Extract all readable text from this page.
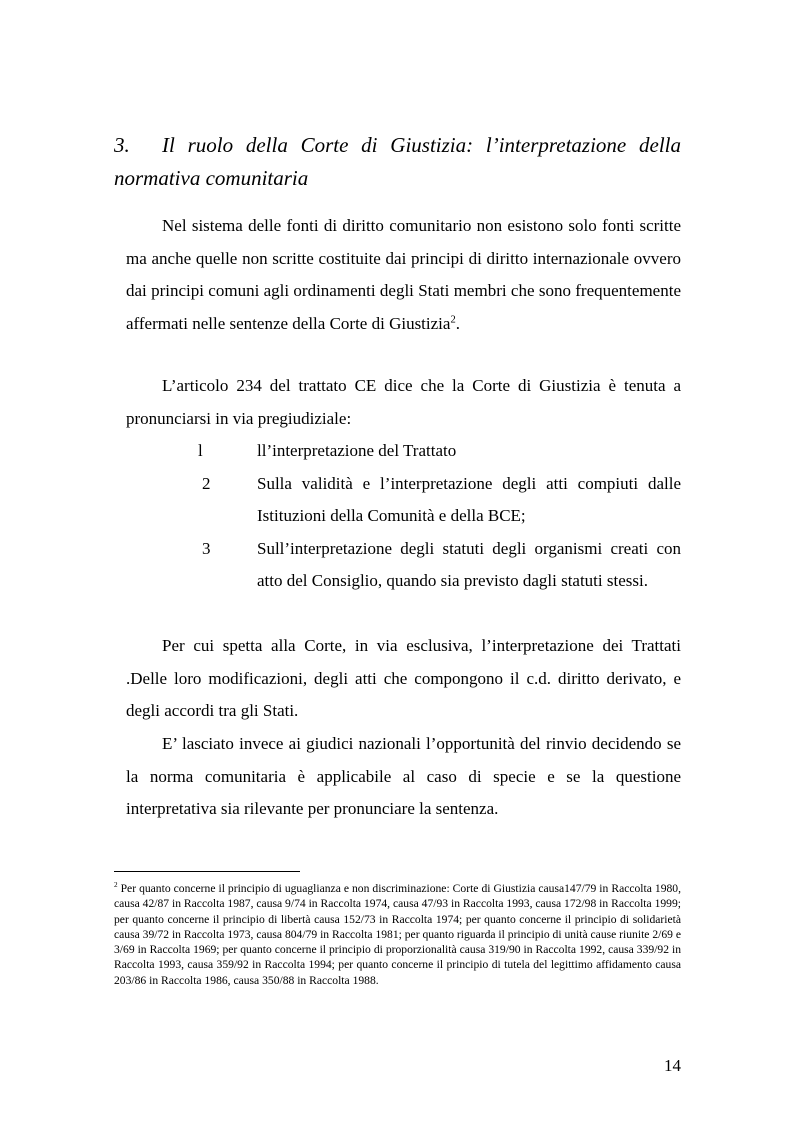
3. Il ruolo della Corte di Giustizia: l’interpretazione della
normativa comunitaria

Nel sistema delle fonti di diritto comunitario non esistono solo fonti scritte ma anche quelle non scritte costituite dai principi di diritto internazionale ovvero dai principi comuni agli ordinamenti degli Stati membri che sono frequentemente affermati nelle sentenze della Corte di Giustizia$^2$.

L’articolo 234 del trattato CE dice che la Corte di Giustizia è tenuta a pronunciarsi in via pregiudiziale:

l	ll’interpretazione del Trattato
2	Sulla validità e l’interpretazione degli atti compiuti dalle Istituzioni della Comunità e della BCE;
3	Sull’interpretazione degli statuti degli organismi creati con atto del Consiglio, quando sia previsto dagli statuti stessi.

Per cui spetta alla Corte, in via esclusiva, l’interpretazione dei Trattati .Delle loro modificazioni, degli atti che compongono il c.d. diritto derivato, e degli accordi tra gli Stati.

E’ lasciato invece ai giudici nazionali l’opportunità del rinvio decidendo se la norma comunitaria è applicabile al caso di specie e se la questione interpretativa sia rilevante per pronunciare la sentenza.

$^2$ Per quanto concerne il principio di uguaglianza e non discriminazione: Corte di Giustizia causa147/79 in Raccolta 1980, causa 42/87 in Raccolta 1987, causa 9/74 in Raccolta 1974, causa 47/93 in Raccolta 1993, causa 172/98 in Raccolta 1999; per quanto concerne il principio di libertà causa 152/73 in Raccolta 1974; per quanto concerne il principio di solidarietà causa 39/72 in Raccolta 1973, causa 804/79 in Raccolta 1981; per quanto riguarda il principio di unità cause riunite 2/69 e 3/69 in Raccolta 1969; per quanto concerne il principio di proporzionalità causa 319/90 in Raccolta 1992, causa 339/92 in Raccolta 1993, causa 359/92 in Raccolta 1994; per quanto concerne il principio di tutela del legittimo affidamento causa 203/86 in Raccolta 1986, causa 350/88 in Raccolta 1988.

14
